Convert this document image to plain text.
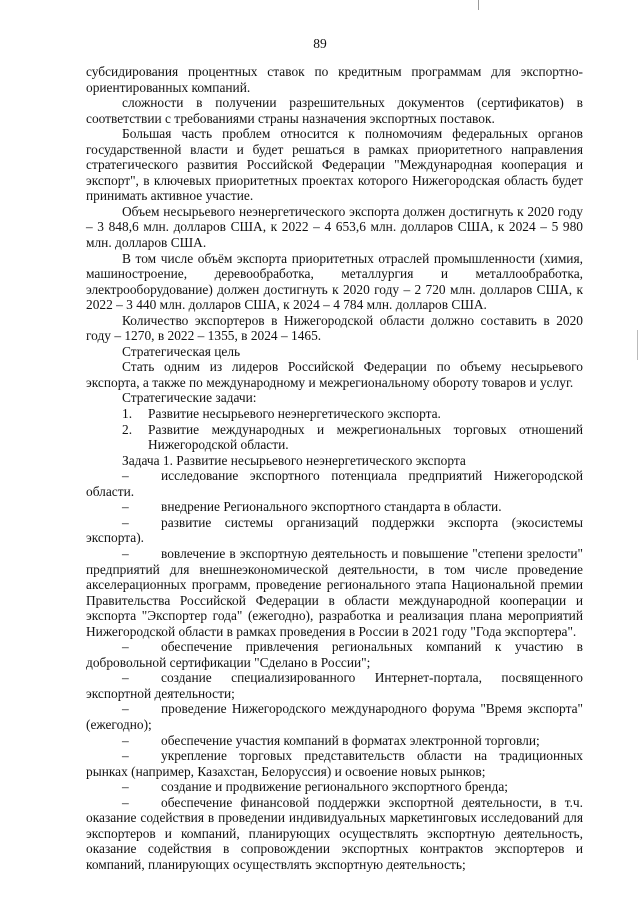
89

субсидирования процентных ставок по кредитным программам для экспортно-ориентированных компаний.

сложности в получении разрешительных документов (сертификатов) в соответствии с требованиями страны назначения экспортных поставок.

Большая часть проблем относится к полномочиям федеральных органов государственной власти и будет решаться в рамках приоритетного направления стратегического развития Российской Федерации "Международная кооперация и экспорт", в ключевых приоритетных проектах которого Нижегородская область будет принимать активное участие.

Объем несырьевого неэнергетического экспорта должен достигнуть к 2020 году – 3 848,6 млн. долларов США, к 2022 – 4 653,6 млн. долларов США, к 2024 – 5 980 млн. долларов США.

В том числе объём экспорта приоритетных отраслей промышленности (химия, машиностроение, деревообработка, металлургия и металлообработка, электрооборудование) должен достигнуть к 2020 году – 2 720 млн. долларов США, к 2022 – 3 440 млн. долларов США, к 2024 – 4 784 млн. долларов США.

Количество экспортеров в Нижегородской области должно составить в 2020 году – 1270, в 2022 – 1355, в 2024 – 1465.

Стратегическая цель

Стать одним из лидеров Российской Федерации по объему несырьевого экспорта, а также по международному и межрегиональному обороту товаров и услуг.

Стратегические задачи:

1.	Развитие несырьевого неэнергетического экспорта.
2.	Развитие международных и межрегиональных торговых отношений Нижегородской области.

Задача 1. Развитие несырьевого неэнергетического экспорта

– исследование экспортного потенциала предприятий Нижегородской области.

– внедрение Регионального экспортного стандарта в области.

– развитие системы организаций поддержки экспорта (экосистемы экспорта).

– вовлечение в экспортную деятельность и повышение "степени зрелости" предприятий для внешнеэкономической деятельности, в том числе проведение акселерационных программ, проведение регионального этапа Национальной премии Правительства Российской Федерации в области международной кооперации и экспорта "Экспортер года" (ежегодно), разработка и реализация плана мероприятий Нижегородской области в рамках проведения в России в 2021 году "Года экспортера".

– обеспечение привлечения региональных компаний к участию в добровольной сертификации "Сделано в России";

– создание специализированного Интернет-портала, посвященного экспортной деятельности;

– проведение Нижегородского международного форума "Время экспорта" (ежегодно);

– обеспечение участия компаний в форматах электронной торговли;

– укрепление торговых представительств области на традиционных рынках (например, Казахстан, Белоруссия) и освоение новых рынков;

– создание и продвижение регионального экспортного бренда;

– обеспечение финансовой поддержки экспортной деятельности, в т.ч. оказание содействия в проведении индивидуальных маркетинговых исследований для экспортеров и компаний, планирующих осуществлять экспортную деятельность, оказание содействия в сопровождении экспортных контрактов экспортеров и компаний, планирующих осуществлять экспортную деятельность;
